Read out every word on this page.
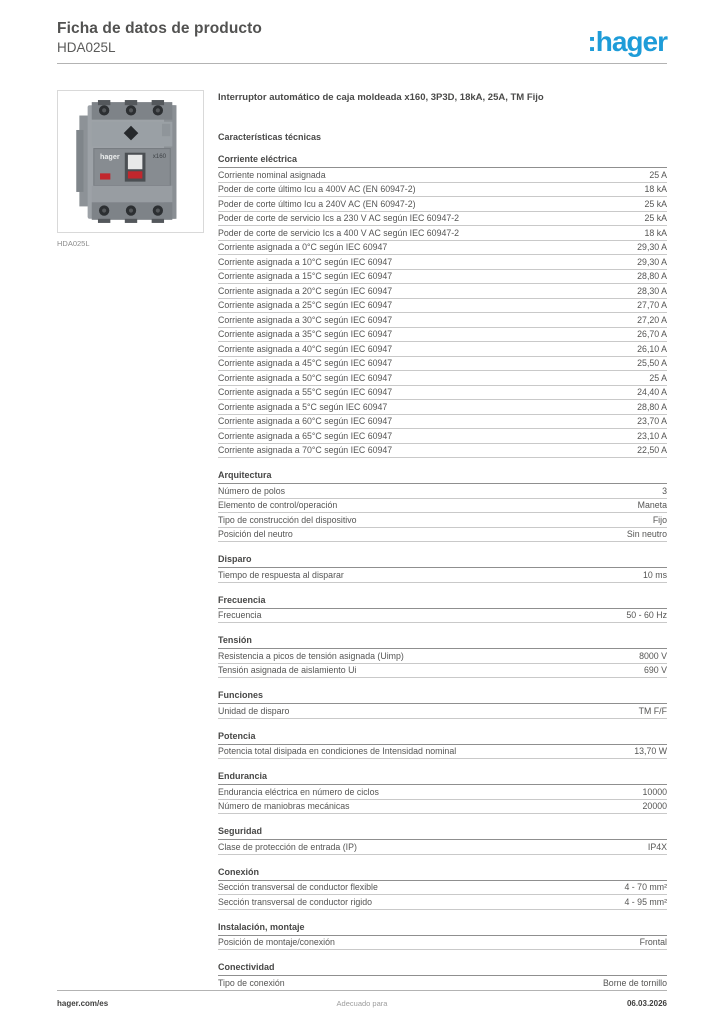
Ficha de datos de producto
HDA025L	:hager
hager	x160
HDA025L
Interruptor automático de caja moldeada x160, 3P3D, 18kA, 25A, TM Fijo
Características técnicas
Corriente eléctrica
Corriente nominal asignada	25 A
Poder de corte último Icu a 400V AC (EN 60947-2)	18 kA
Poder de corte último Icu a 240V AC (EN 60947-2)	25 kA
Poder de corte de servicio Ics a 230 V AC según IEC 60947-2	25 kA
Poder de corte de servicio Ics a 400 V AC según IEC 60947-2	18 kA
Corriente asignada a 0°C según IEC 60947	29,30 A
Corriente asignada a 10°C según IEC 60947	29,30 A
Corriente asignada a 15°C según IEC 60947	28,80 A
Corriente asignada a 20°C según IEC 60947	28,30 A
Corriente asignada a 25°C según IEC 60947	27,70 A
Corriente asignada a 30°C según IEC 60947	27,20 A
Corriente asignada a 35°C según IEC 60947	26,70 A
Corriente asignada a 40°C según IEC 60947	26,10 A
Corriente asignada a 45°C según IEC 60947	25,50 A
Corriente asignada a 50°C según IEC 60947	25 A
Corriente asignada a 55°C según IEC 60947	24,40 A
Corriente asignada a 5°C según IEC 60947	28,80 A
Corriente asignada a 60°C según IEC 60947	23,70 A
Corriente asignada a 65°C según IEC 60947	23,10 A
Corriente asignada a 70°C según IEC 60947	22,50 A
Arquitectura
Número de polos	3
Elemento de control/operación	Maneta
Tipo de construcción del dispositivo	Fijo
Posición del neutro	Sin neutro
Disparo
Tiempo de respuesta al disparar	10 ms
Frecuencia
Frecuencia	50 - 60 Hz
Tensión
Resistencia a picos de tensión asignada (Uimp)	8000 V
Tensión asignada de aislamiento Ui	690 V
Funciones
Unidad de disparo	TM F/F
Potencia
Potencia total disipada en condiciones de Intensidad nominal	13,70 W
Endurancia
Endurancia eléctrica en número de ciclos	10000
Número de maniobras mecánicas	20000
Seguridad
Clase de protección de entrada (IP)	IP4X
Conexión
Sección transversal de conductor flexible	4 - 70 mm²
Sección transversal de conductor rigido	4 - 95 mm²
Instalación, montaje
Posición de montaje/conexión	Frontal
Conectividad
Tipo de conexión	Borne de tornillo
hager.com/es	Adecuado para	06.03.2026
